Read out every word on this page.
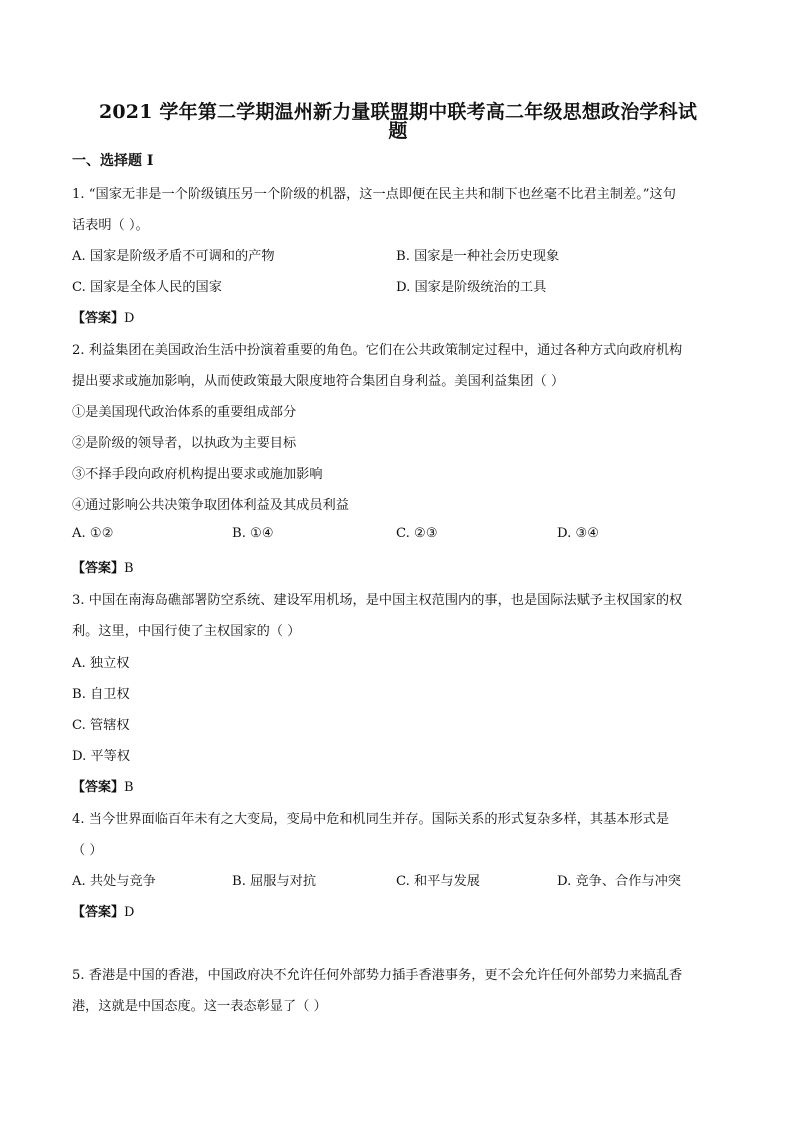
2021 学年第二学期温州新力量联盟期中联考高二年级思想政治学科试
题
一、选择题 I
1. “国家无非是一个阶级镇压另一个阶级的机器，这一点即便在民主共和制下也丝毫不比君主制差。”这句
话表明（ ）。
A. 国家是阶级矛盾不可调和的产物	B. 国家是一种社会历史现象
C. 国家是全体人民的国家	D. 国家是阶级统治的工具
【答案】D
2. 利益集团在美国政治生活中扮演着重要的角色。它们在公共政策制定过程中，通过各种方式向政府机构
提出要求或施加影响，从而使政策最大限度地符合集团自身利益。美国利益集团（ ）
①是美国现代政治体系的重要组成部分
②是阶级的领导者，以执政为主要目标
③不择手段向政府机构提出要求或施加影响
④通过影响公共决策争取团体利益及其成员利益
A. ①②	B. ①④	C. ②③	D. ③④
【答案】B
3. 中国在南海岛礁部署防空系统、建设军用机场，是中国主权范围内的事，也是国际法赋予主权国家的权
利。这里，中国行使了主权国家的（ ）
A. 独立权
B. 自卫权
C. 管辖权
D. 平等权
【答案】B
4. 当今世界面临百年未有之大变局，变局中危和机同生并存。国际关系的形式复杂多样，其基本形式是
（ ）
A. 共处与竞争	B. 屈服与对抗	C. 和平与发展	D. 竞争、合作与冲突
【答案】D
5. 香港是中国的香港，中国政府决不允许任何外部势力插手香港事务，更不会允许任何外部势力来搞乱香
港，这就是中国态度。这一表态彰显了（ ）
